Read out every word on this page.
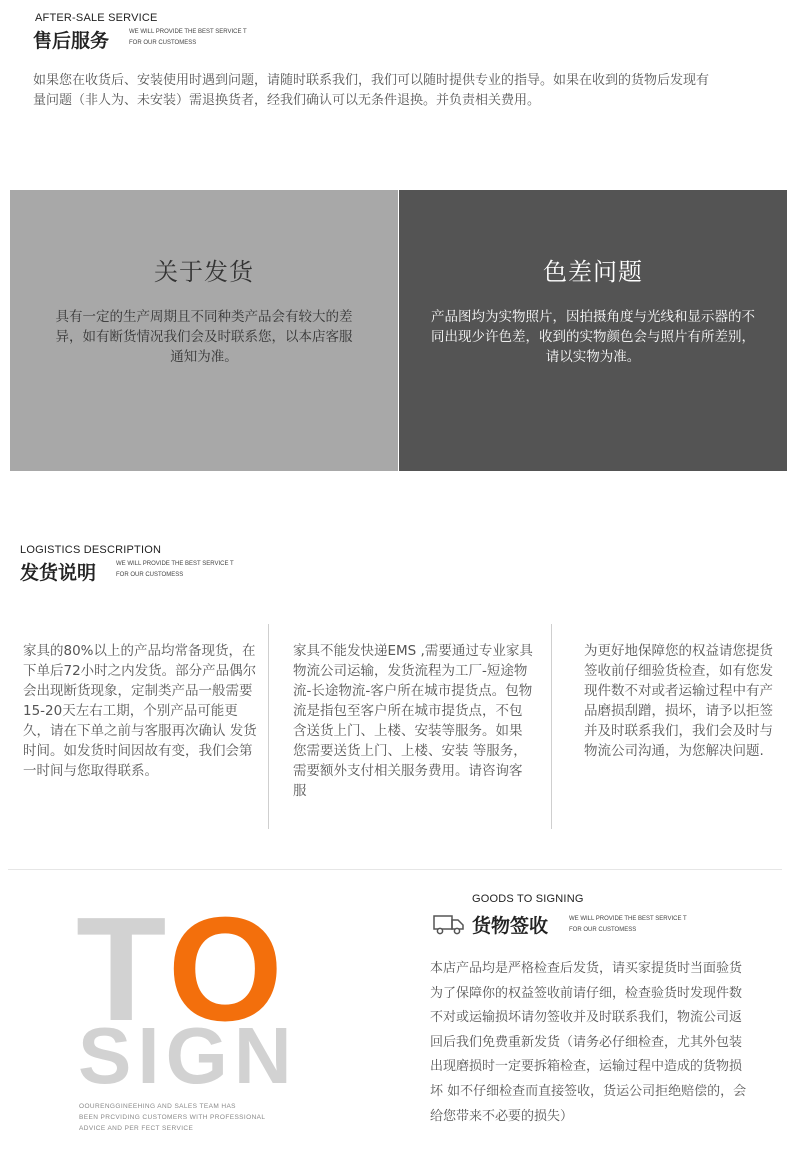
AFTER-SALE SERVICE
售后服务	WE WILL PROVIDE THE BEST SERVICE T
FOR OUR CUSTOMESS
如果您在收货后、安装使用时遇到问题，请随时联系我们，我们可以随时提供专业的指导。如果在收到的货物后发现有
量问题（非人为、未安装）需退换货者，经我们确认可以无条件退换。并负责相关费用。
关于发货
具有一定的生产周期且不同种类产品会有较大的差异，如有断货情况我们会及时联系您，以本店客服通知为准。
色差问题
产品图均为实物照片，因拍摄角度与光线和显示器的不同出现少许色差，收到的实物颜色会与照片有所差别，请以实物为准。
LOGISTICS DESCRIPTION
发货说明	WE WILL PROVIDE THE BEST SERVICE T
FOR OUR CUSTOMESS
家具的80%以上的产品均常备现货，在下单后72小时之内发货。部分产品偶尔会出现断货现象，定制类产品一般需要15-20天左右工期，个别产品可能更久，请在下单之前与客服再次确认 发货时间。如发货时间因故有变，我们会第一时间与您取得联系。
家具不能发快递EMS ,需要通过专业家具物流公司运输，发货流程为工厂-短途物流-长途物流-客户所在城市提货点。包物流是指包至客户所在城市提货点，不包含送货上门、上楼、安装等服务。如果您需要送货上门、上楼、安装 等服务，需要额外支付相关服务费用。请咨询客服
为更好地保障您的权益请您提货签收前仔细验货检查，如有您发现件数不对或者运输过程中有产品磨损刮蹭，损坏，请予以拒签并及时联系我们，我们会及时与物流公司沟通，为您解决问题.
TO
SIGN
OOURENGGINEEHING AND SALES TEAM HAS
BEEN PRCVIDING CUSTOMERS WITH PROFESSIONAL
ADVICE AND PER FECT SERVICE
GOODS TO SIGNING
货物签收	WE WILL PROVIDE THE BEST SERVICE T
FOR OUR CUSTOMESS
本店产品均是严格检查后发货，请买家提货时当面验货
为了保障你的权益签收前请仔细，检查验货时发现件数
不对或运输损坏请勿签收并及时联系我们，物流公司返
回后我们免费重新发货（请务必仔细检查，尤其外包装
出现磨损时一定要拆箱检查，运输过程中造成的货物损
坏 如不仔细检查而直接签收，货运公司拒绝赔偿的，会
给您带来不必要的损失）
